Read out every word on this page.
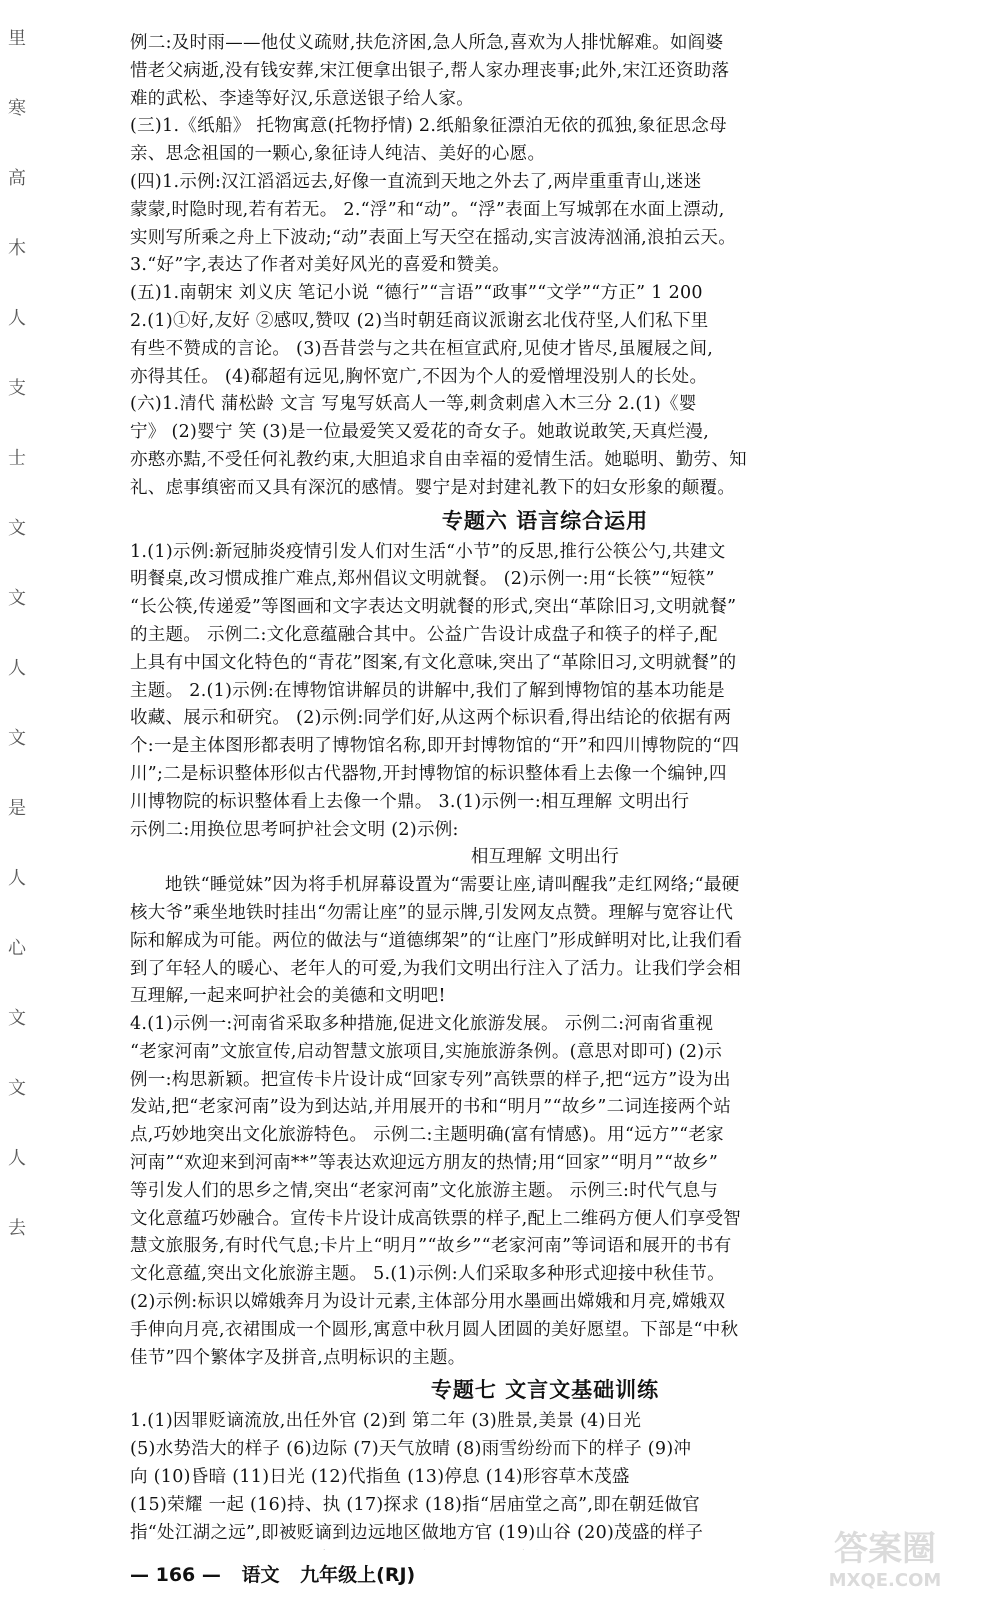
里
寒
高
木
人
支
士
文
文
人
文
是
人
心
文
文
人
去

例二:及时雨——他仗义疏财,扶危济困,急人所急,喜欢为人排忧解难。如阎婆

惜老父病逝,没有钱安葬,宋江便拿出银子,帮人家办理丧事;此外,宋江还资助落

难的武松、李逵等好汉,乐意送银子给人家。

(三)1.《纸船》 托物寓意(托物抒情) 2.纸船象征漂泊无依的孤独,象征思念母

亲、思念祖国的一颗心,象征诗人纯洁、美好的心愿。

(四)1.示例:汉江滔滔远去,好像一直流到天地之外去了,两岸重重青山,迷迷

蒙蒙,时隐时现,若有若无。 2.“浮”和“动”。“浮”表面上写城郭在水面上漂动,

实则写所乘之舟上下波动;“动”表面上写天空在摇动,实言波涛汹涌,浪拍云天。

3.“好”字,表达了作者对美好风光的喜爱和赞美。

(五)1.南朝宋 刘义庆 笔记小说 “德行”“言语”“政事”“文学”“方正” 1 200

2.(1)①好,友好 ②感叹,赞叹 (2)当时朝廷商议派谢玄北伐苻坚,人们私下里

有些不赞成的言论。 (3)吾昔尝与之共在桓宣武府,见使才皆尽,虽履屐之间,

亦得其任。 (4)郗超有远见,胸怀宽广,不因为个人的爱憎埋没别人的长处。

(六)1.清代 蒲松龄 文言 写鬼写妖高人一等,刺贪刺虐入木三分 2.(1)《婴

宁》 (2)婴宁 笑 (3)是一位最爱笑又爱花的奇女子。她敢说敢笑,天真烂漫,

亦憨亦黠,不受任何礼教约束,大胆追求自由幸福的爱情生活。她聪明、勤劳、知

礼、虑事缜密而又具有深沉的感情。婴宁是对封建礼教下的妇女形象的颠覆。

专题六 语言综合运用

1.(1)示例:新冠肺炎疫情引发人们对生活“小节”的反思,推行公筷公勺,共建文

明餐桌,改习惯成推广难点,郑州倡议文明就餐。 (2)示例一:用“长筷”“短筷”

“长公筷,传递爱”等图画和文字表达文明就餐的形式,突出“革除旧习,文明就餐”

的主题。 示例二:文化意蕴融合其中。公益广告设计成盘子和筷子的样子,配

上具有中国文化特色的“青花”图案,有文化意味,突出了“革除旧习,文明就餐”的

主题。 2.(1)示例:在博物馆讲解员的讲解中,我们了解到博物馆的基本功能是

收藏、展示和研究。 (2)示例:同学们好,从这两个标识看,得出结论的依据有两

个:一是主体图形都表明了博物馆名称,即开封博物馆的“开”和四川博物院的“四

川”;二是标识整体形似古代器物,开封博物馆的标识整体看上去像一个编钟,四

川博物院的标识整体看上去像一个鼎。 3.(1)示例一:相互理解 文明出行

示例二:用换位思考呵护社会文明 (2)示例:

相互理解 文明出行

地铁“睡觉妹”因为将手机屏幕设置为“需要让座,请叫醒我”走红网络;“最硬

核大爷”乘坐地铁时挂出“勿需让座”的显示牌,引发网友点赞。理解与宽容让代

际和解成为可能。两位的做法与“道德绑架”的“让座门”形成鲜明对比,让我们看

到了年轻人的暖心、老年人的可爱,为我们文明出行注入了活力。让我们学会相

互理解,一起来呵护社会的美德和文明吧!

4.(1)示例一:河南省采取多种措施,促进文化旅游发展。 示例二:河南省重视

“老家河南”文旅宣传,启动智慧文旅项目,实施旅游条例。(意思对即可) (2)示

例一:构思新颖。把宣传卡片设计成“回家专列”高铁票的样子,把“远方”设为出

发站,把“老家河南”设为到达站,并用展开的书和“明月”“故乡”二词连接两个站

点,巧妙地突出文化旅游特色。 示例二:主题明确(富有情感)。用“远方”“老家

河南”“欢迎来到河南**”等表达欢迎远方朋友的热情;用“回家”“明月”“故乡”

等引发人们的思乡之情,突出“老家河南”文化旅游主题。 示例三:时代气息与

文化意蕴巧妙融合。宣传卡片设计成高铁票的样子,配上二维码方便人们享受智

慧文旅服务,有时代气息;卡片上“明月”“故乡”“老家河南”等词语和展开的书有

文化意蕴,突出文化旅游主题。 5.(1)示例:人们采取多种形式迎接中秋佳节。

(2)示例:标识以嫦娥奔月为设计元素,主体部分用水墨画出嫦娥和月亮,嫦娥双

手伸向月亮,衣裙围成一个圆形,寓意中秋月圆人团圆的美好愿望。下部是“中秋

佳节”四个繁体字及拼音,点明标识的主题。

专题七 文言文基础训练

1.(1)因罪贬谪流放,出任外官 (2)到 第二年 (3)胜景,美景 (4)日光

(5)水势浩大的样子 (6)边际 (7)天气放晴 (8)雨雪纷纷而下的样子 (9)冲

向 (10)昏暗 (11)日光 (12)代指鱼 (13)停息 (14)形容草木茂盛

(15)荣耀 一起 (16)持、执 (17)探求 (18)指“居庙堂之高”,即在朝廷做官

指“处江湖之远”,即被贬谪到边远地区做地方官 (19)山谷 (20)茂盛的样子

— 166 — 语文 九年级上(RJ)
答案圈
MXQE.COM
